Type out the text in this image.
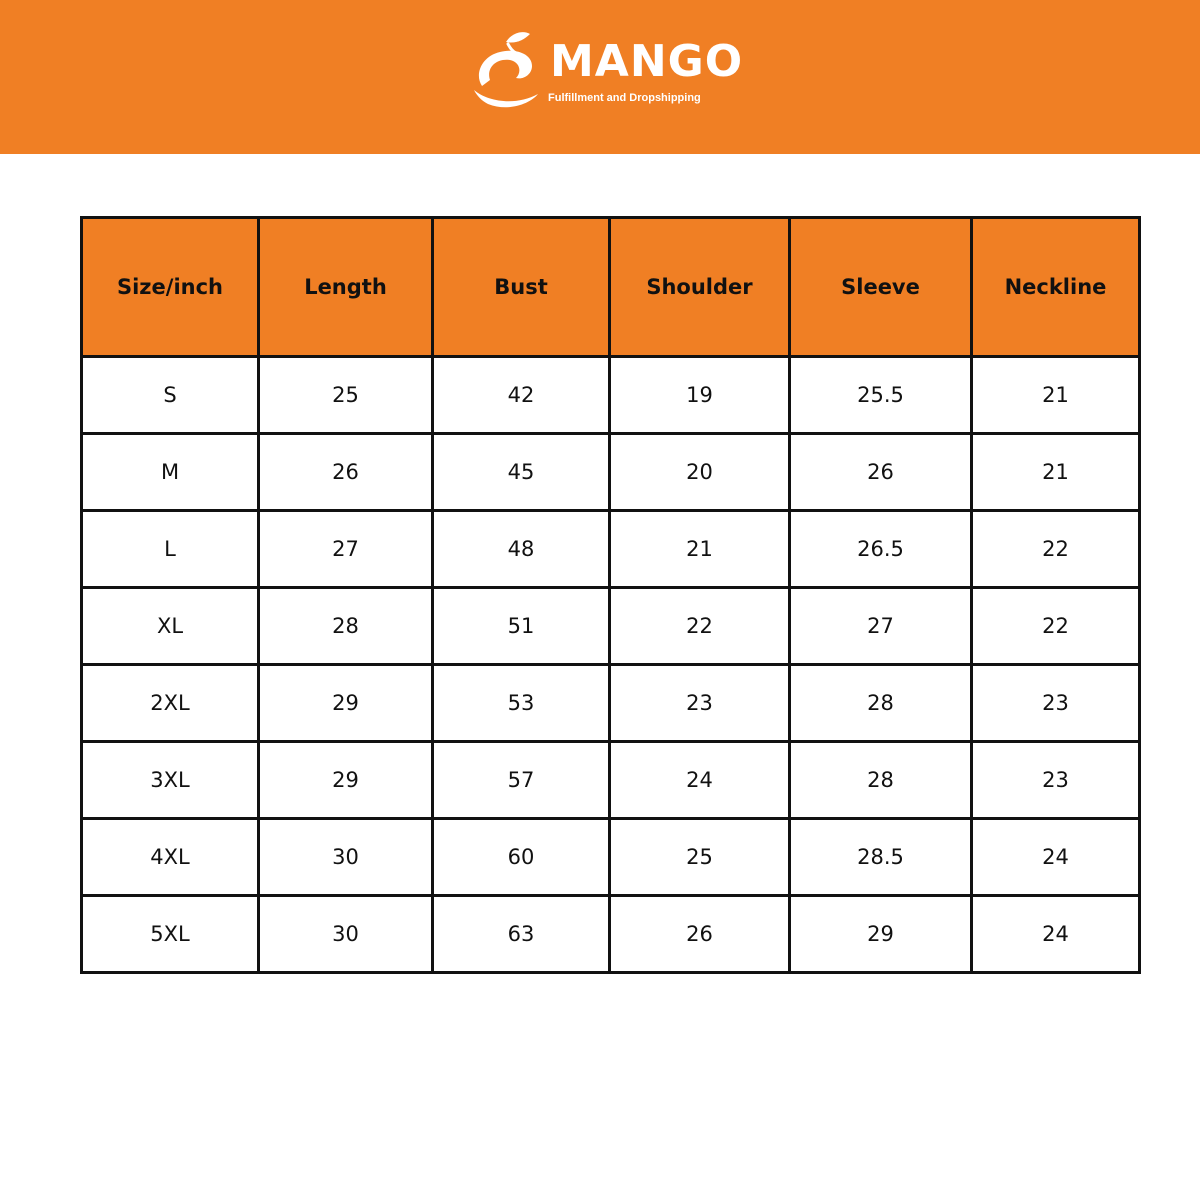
MANGO
Fulfillment and Dropshipping
Size/inch	Length	Bust	Shoulder	Sleeve	Neckline
S	25	42	19	25.5	21
M	26	45	20	26	21
L	27	48	21	26.5	22
XL	28	51	22	27	22
2XL	29	53	23	28	23
3XL	29	57	24	28	23
4XL	30	60	25	28.5	24
5XL	30	63	26	29	24
